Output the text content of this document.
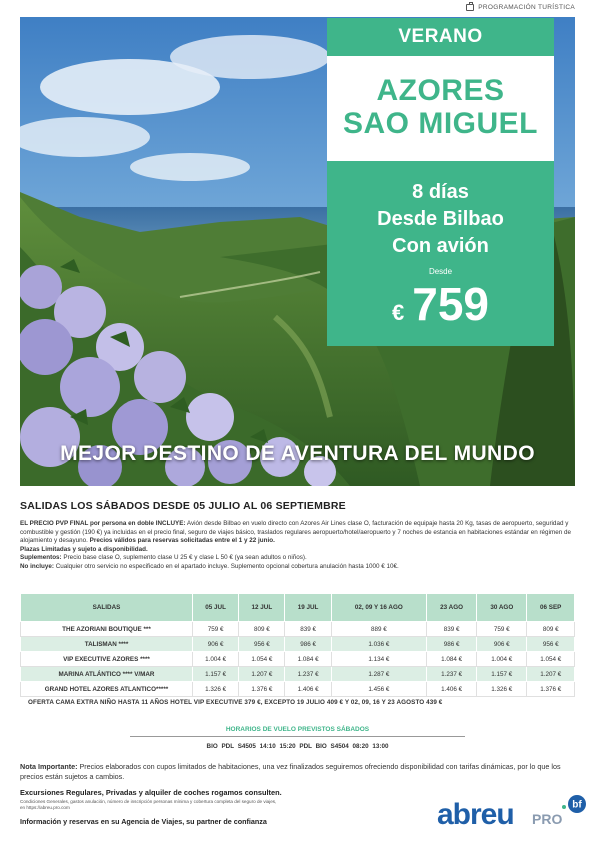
PROGRAMACIÓN TURÍSTICA
VERANO
AZORES
SAO MIGUEL
8 días
Desde Bilbao
Con avión
Desde
€ 759
MEJOR DESTINO DE AVENTURA DEL MUNDO
SALIDAS LOS SÁBADOS DESDE 05 JULIO AL 06 SEPTIEMBRE
EL PRECIO PVP FINAL por persona en doble INCLUYE: Avión desde Bilbao en vuelo directo con Azores Air Lines clase O, facturación de equipaje hasta 20 Kg, tasas de aeropuerto, seguridad y combustible y gestión (190 €) ya incluidas en el precio final, seguro de viajes básico, traslados regulares aeropuerto/hotel/aeropuerto y 7 noches de estancia en habitaciones estándar en régimen de alojamiento y desayuno. Precios válidos para reservas solicitadas entre el 1 y 22 junio.
Plazas Limitadas y sujeto a disponibilidad.
Suplementos: Precio base clase O, suplemento clase U 25 € y clase L 50 € (ya sean adultos o niños).
No incluye: Cualquier otro servicio no especificado en el apartado incluye. Suplemento opcional cobertura anulación hasta 1000 € 10€.
SALIDAS	05 JUL	12 JUL	19 JUL	02, 09 Y 16 AGO	23 AGO	30 AGO	06 SEP
THE AZORIANI BOUTIQUE ***	759 €	809 €	839 €	889 €	839 €	759 €	809 €
TALISMAN ****	906 €	956 €	986 €	1.036 €	986 €	906 €	956 €
VIP EXECUTIVE AZORES ****	1.004 €	1.054 €	1.084 €	1.134 €	1.084 €	1.004 €	1.054 €
MARINA ATLÁNTICO **** V/MAR	1.157 €	1.207 €	1.237 €	1.287 €	1.237 €	1.157 €	1.207 €
GRAND HOTEL AZORES ATLANTICO*****	1.326 €	1.376 €	1.406 €	1.456 €	1.406 €	1.326 €	1.376 €
OFERTA CAMA EXTRA NIÑO HASTA 11 AÑOS HOTEL VIP EXECUTIVE 379 €, EXCEPTO 19 JULIO 409 € Y 02, 09, 16 Y 23 AGOSTO 439 €
HORARIOS DE VUELO PREVISTOS SÁBADOS
BIO PDL S4505 14:10 15:20 PDL BIO S4504 08:20 13:00
Nota Importante: Precios elaborados con cupos limitados de habitaciones, una vez finalizados seguiremos ofreciendo disponibilidad con tarifas dinámicas, por lo que los precios están sujetos a cambios.
Excursiones Regulares, Privadas y alquiler de coches rogamos consulten.
Condiciones Generales, gastos anulación, número de inscripción personas mínima y cobertura completa del seguro de viajes, en https://abreu.pro.com
Información y reservas en su Agencia de Viajes, su partner de confianza	abreu PRO
bf
